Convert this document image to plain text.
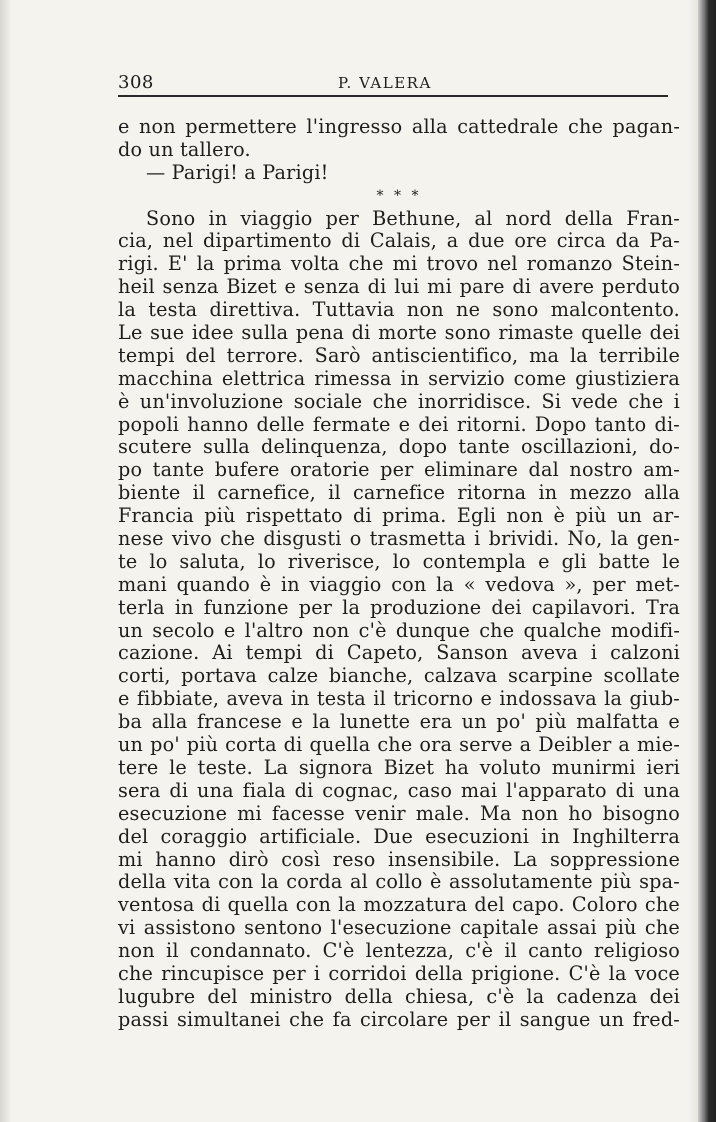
308	P. VALERA
e non permettere l'ingresso alla cattedrale che pagan-
do un tallero.
— Parigi! a Parigi!
* * *
Sono in viaggio per Bethune, al nord della Fran-
cia, nel dipartimento di Calais, a due ore circa da Pa-
rigi. E' la prima volta che mi trovo nel romanzo Stein-
heil senza Bizet e senza di lui mi pare di avere perduto
la testa direttiva. Tuttavia non ne sono malcontento.
Le sue idee sulla pena di morte sono rimaste quelle dei
tempi del terrore. Sarò antiscientifico, ma la terribile
macchina elettrica rimessa in servizio come giustiziera
è un'involuzione sociale che inorridisce. Si vede che i
popoli hanno delle fermate e dei ritorni. Dopo tanto di-
scutere sulla delinquenza, dopo tante oscillazioni, do-
po tante bufere oratorie per eliminare dal nostro am-
biente il carnefice, il carnefice ritorna in mezzo alla
Francia più rispettato di prima. Egli non è più un ar-
nese vivo che disgusti o trasmetta i brividi. No, la gen-
te lo saluta, lo riverisce, lo contempla e gli batte le
mani quando è in viaggio con la « vedova », per met-
terla in funzione per la produzione dei capilavori. Tra
un secolo e l'altro non c'è dunque che qualche modifi-
cazione. Ai tempi di Capeto, Sanson aveva i calzoni
corti, portava calze bianche, calzava scarpine scollate
e fibbiate, aveva in testa il tricorno e indossava la giub-
ba alla francese e la lunette era un po' più malfatta e
un po' più corta di quella che ora serve a Deibler a mie-
tere le teste. La signora Bizet ha voluto munirmi ieri
sera di una fiala di cognac, caso mai l'apparato di una
esecuzione mi facesse venir male. Ma non ho bisogno
del coraggio artificiale. Due esecuzioni in Inghilterra
mi hanno dirò così reso insensibile. La soppressione
della vita con la corda al collo è assolutamente più spa-
ventosa di quella con la mozzatura del capo. Coloro che
vi assistono sentono l'esecuzione capitale assai più che
non il condannato. C'è lentezza, c'è il canto religioso
che rincupisce per i corridoi della prigione. C'è la voce
lugubre del ministro della chiesa, c'è la cadenza dei
passi simultanei che fa circolare per il sangue un fred-
